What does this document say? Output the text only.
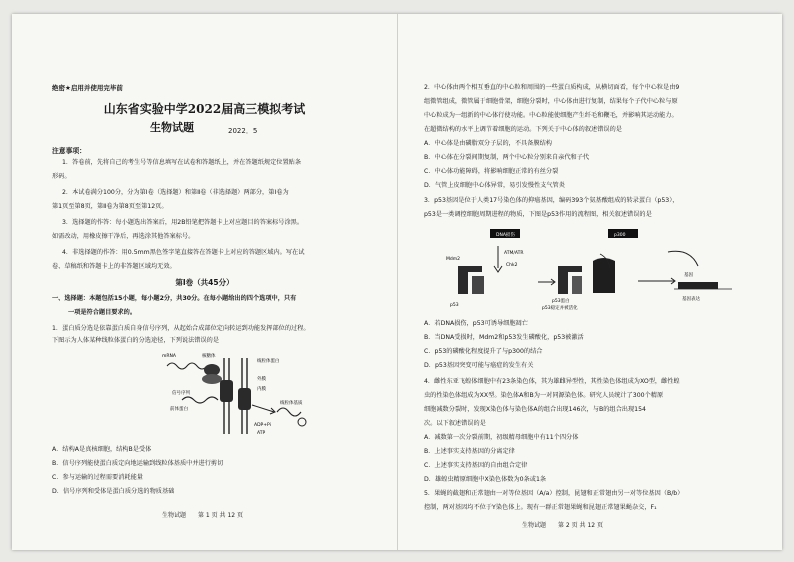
绝密★启用并使用完毕前
山东省实验中学2022届高三模拟考试
生物试题	2022．5
注意事项：
1．答卷前，先将自己的考生号等信息填写在试卷和答题纸上，并在答题纸规定位置贴条
形码。
2．本试卷满分100分，分为第Ⅰ卷（选择题）和第Ⅱ卷（非选择题）两部分，第Ⅰ卷为
第1页至第8页，第Ⅱ卷为第8页至第12页。
3．选择题的作答：每小题选出答案后，用2B铅笔把答题卡上对应题目的答案标号涂黑。
如需改动，用橡皮擦干净后，再选涂其他答案标号。
4．非选择题的作答：用0.5mm黑色签字笔直接答在答题卡上对应的答题区域内。写在试
卷、草稿纸和答题卡上的非答题区域均无效。
第Ⅰ卷（共45分）
一、选择题：本题包括15小题，每小题2分，共30分。在每小题给出的四个选项中，只有
一项是符合题目要求的。
1．蛋白质分选是依靠蛋白质自身信号序列，从起始合成部位定向转运到功能发挥部位的过程。
下图示为人体某种线粒体蛋白的分选途径，下列说法错误的是
mRNA	核糖体
线粒体蛋白
前体蛋白
外膜
内膜
ADP+Pi
ATP
线粒体基质
信号序列
A．结构A是真核细胞，结构B是受体
B．信号序列能使蛋白质定向地运输到线粒体基质中并进行剪切
C．参与运输的过程需要消耗能量
D．信号序列和受体是蛋白质分选的物质基础
生物试题　　第 1 页 共 12 页
2．中心体由两个相互垂直的中心粒和周围的一些蛋白质构成，从横切面看，每个中心粒是由9
组微管组成，微管属于细胞骨架，细胞分裂时，中心体由进行复制，结果每个子代中心粒与原
中心粒成为一组新的中心体行使功能。中心粒能使细胞产生纤毛和鞭毛，并影响其运动能力。
在超微结构的水平上调节着细胞的运动。下列关于中心体的叙述错误的是
A．中心体是由磷脂双分子层的，不具备膜结构
B．中心体在分裂间期复制，两个中心粒分别来自亲代和子代
C．中心体功能障碍，将影响细胞正常的有丝分裂
D．气管上皮细胞中心体异常，易引发慢性支气管炎
3．p53基因是位于人类17号染色体的抑癌基因，编码393个氨基酸组成的转录蛋白（p53），
p53是一类调控细胞周期进程的物质，下图是p53作用的流程图，相关叙述错误的是
DNA损伤
Mdm2
ATM/ATR
Chk2
p53
p300
p53蛋白
p53稳定并被活化
基因
基因表达
A．若DNA损伤，p53可诱导细胞凋亡
B．当DNA受损时，Mdm2和p53发生磷酸化，p53被激活
C．p53的磷酸化程度提升了与p300的结合
D．p53基因突变可能与癌症的发生有关
4．雌性东亚飞蝗体细胞中有23条染色体，其为雄雌异型性，其性染色体组成为XO型，雌性蝗
虫的性染色体组成为XX型。染色体A和B为一对同源染色体。研究人员统计了300个精原
细胞减数分裂时，发现X染色体与染色体A的组合出现146次，与B的组合出现154
次。以下叙述错误的是
A．减数第一次分裂前期，初级精母细胞中有11个四分体
B．上述事实支持基因的分离定律
C．上述事实支持基因的自由组合定律
D．雄蝗虫精原细胞中X染色体数为0条或1条
5．果蝇的截翅和正常翅由一对等位基因（A/a）控制，昆翅和正常翅由另一对等位基因（B/b）
控制，两对基因均不位于Y染色体上。现有一群正常翅果蝇和昆翅正常翅果蝇杂交，F₁
生物试题　　第 2 页 共 12 页
